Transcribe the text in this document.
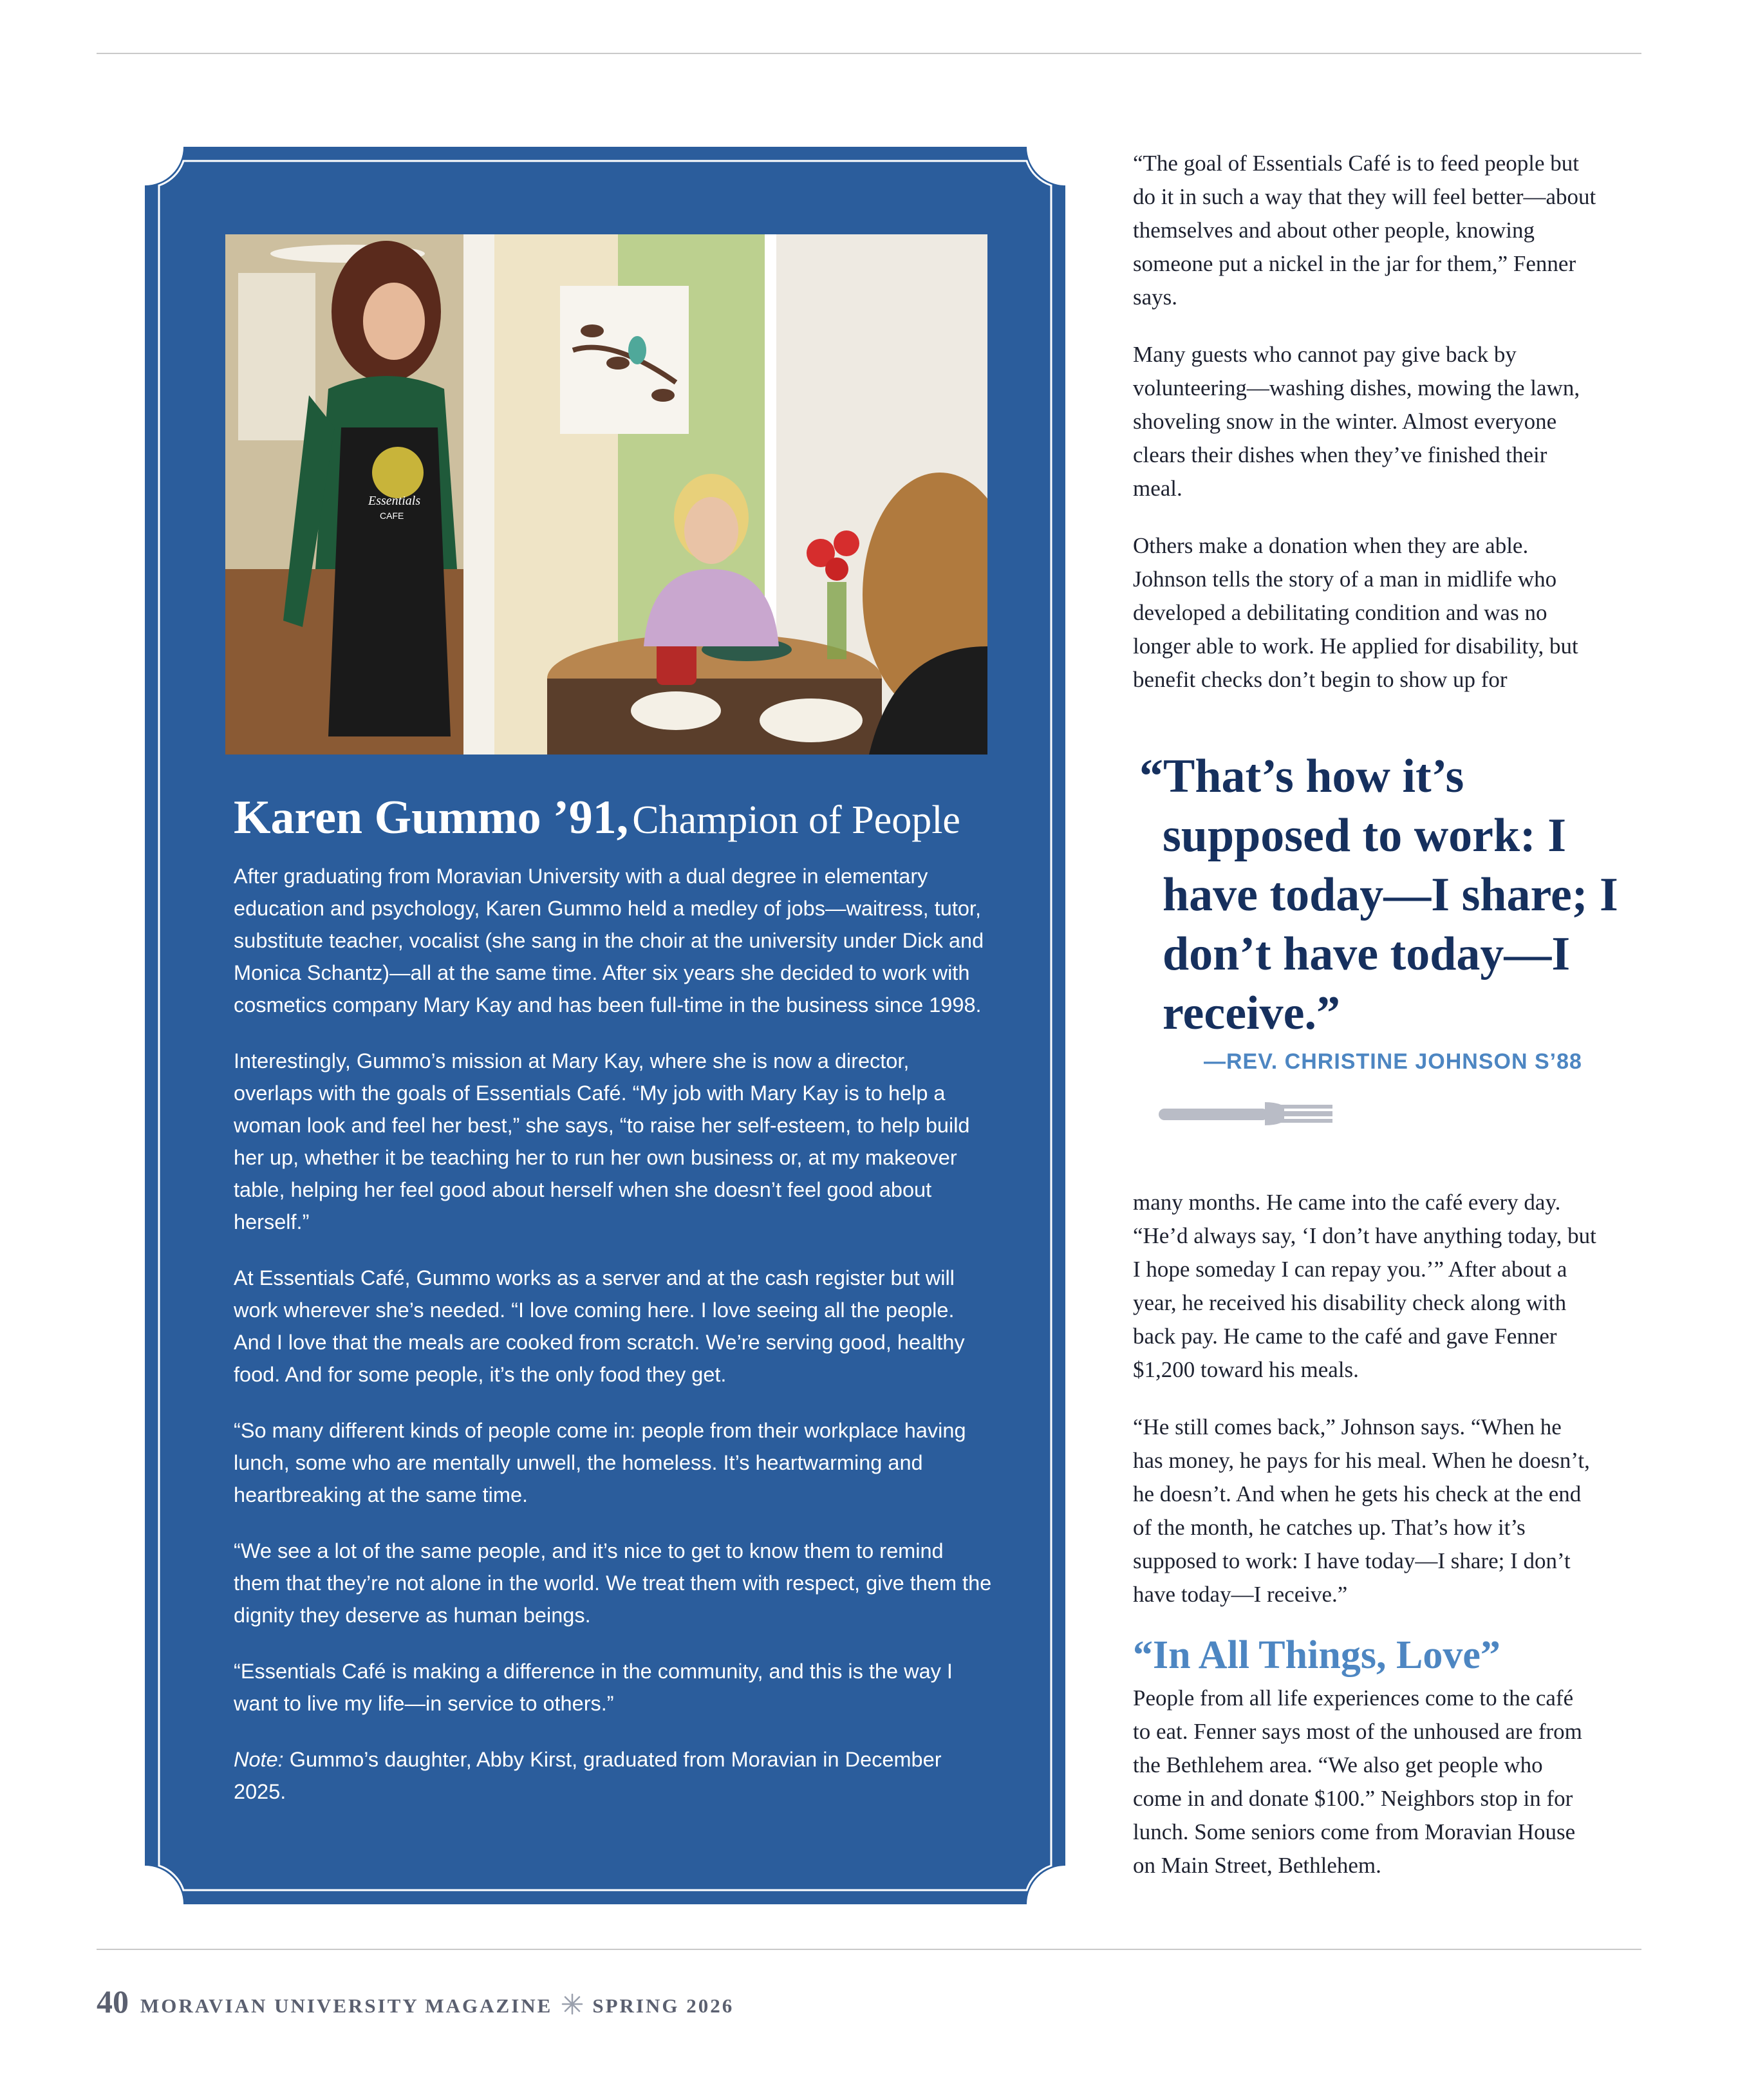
Essentials
CAFE
Karen Gummo ’91, Champion of People

After graduating from Moravian University with a dual degree in elementary education and psychology, Karen Gummo held a medley of jobs—waitress, tutor, substitute teacher, vocalist (she sang in the choir at the university under Dick and Monica Schantz)—all at the same time. After six years she decided to work with cosmetics company Mary Kay and has been full-time in the business since 1998.

Interestingly, Gummo’s mission at Mary Kay, where she is now a director, overlaps with the goals of Essentials Café. “My job with Mary Kay is to help a woman look and feel her best,” she says, “to raise her self-esteem, to help build her up, whether it be teaching her to run her own business or, at my makeover table, helping her feel good about herself when she doesn’t feel good about herself.”

At Essentials Café, Gummo works as a server and at the cash register but will work wherever she’s needed. “I love coming here. I love seeing all the people. And I love that the meals are cooked from scratch. We’re serving good, healthy food. And for some people, it’s the only food they get.

“So many different kinds of people come in: people from their workplace having lunch, some who are mentally unwell, the homeless. It’s heartwarming and heartbreaking at the same time.

“We see a lot of the same people, and it’s nice to get to know them to remind them that they’re not alone in the world. We treat them with respect, give them the dignity they deserve as human beings.

“Essentials Café is making a difference in the community, and this is the way I want to live my life—in service to others.”

Note: Gummo’s daughter, Abby Kirst, graduated from Moravian in December 2025.

“The goal of Essentials Café is to feed people but do it in such a way that they will feel better—about themselves and about other people, knowing someone put a nickel in the jar for them,” Fenner says.

Many guests who cannot pay give back by volunteering—washing dishes, mowing the lawn, shoveling snow in the winter. Almost everyone clears their dishes when they’ve finished their meal.

Others make a donation when they are able. Johnson tells the story of a man in midlife who developed a debilitating condition and was no longer able to work. He applied for disability, but benefit checks don’t begin to show up for

“That’s how it’s supposed to work: I have today—I share; I don’t have today—I receive.”

—REV. CHRISTINE JOHNSON S’88

many months. He came into the café every day. “He’d always say, ‘I don’t have anything today, but I hope someday I can repay you.’” After about a year, he received his disability check along with back pay. He came to the café and gave Fenner $1,200 toward his meals.

“He still comes back,” Johnson says. “When he has money, he pays for his meal. When he doesn’t, he doesn’t. And when he gets his check at the end of the month, he catches up. That’s how it’s supposed to work: I have today—I share; I don’t have today—I receive.”

“In All Things, Love”

People from all life experiences come to the café to eat. Fenner says most of the unhoused are from the Bethlehem area. “We also get people who come in and donate $100.” Neighbors stop in for lunch. Some seniors come from Moravian House on Main Street, Bethlehem.

40 MORAVIAN UNIVERSITY MAGAZINE SPRING 2026
